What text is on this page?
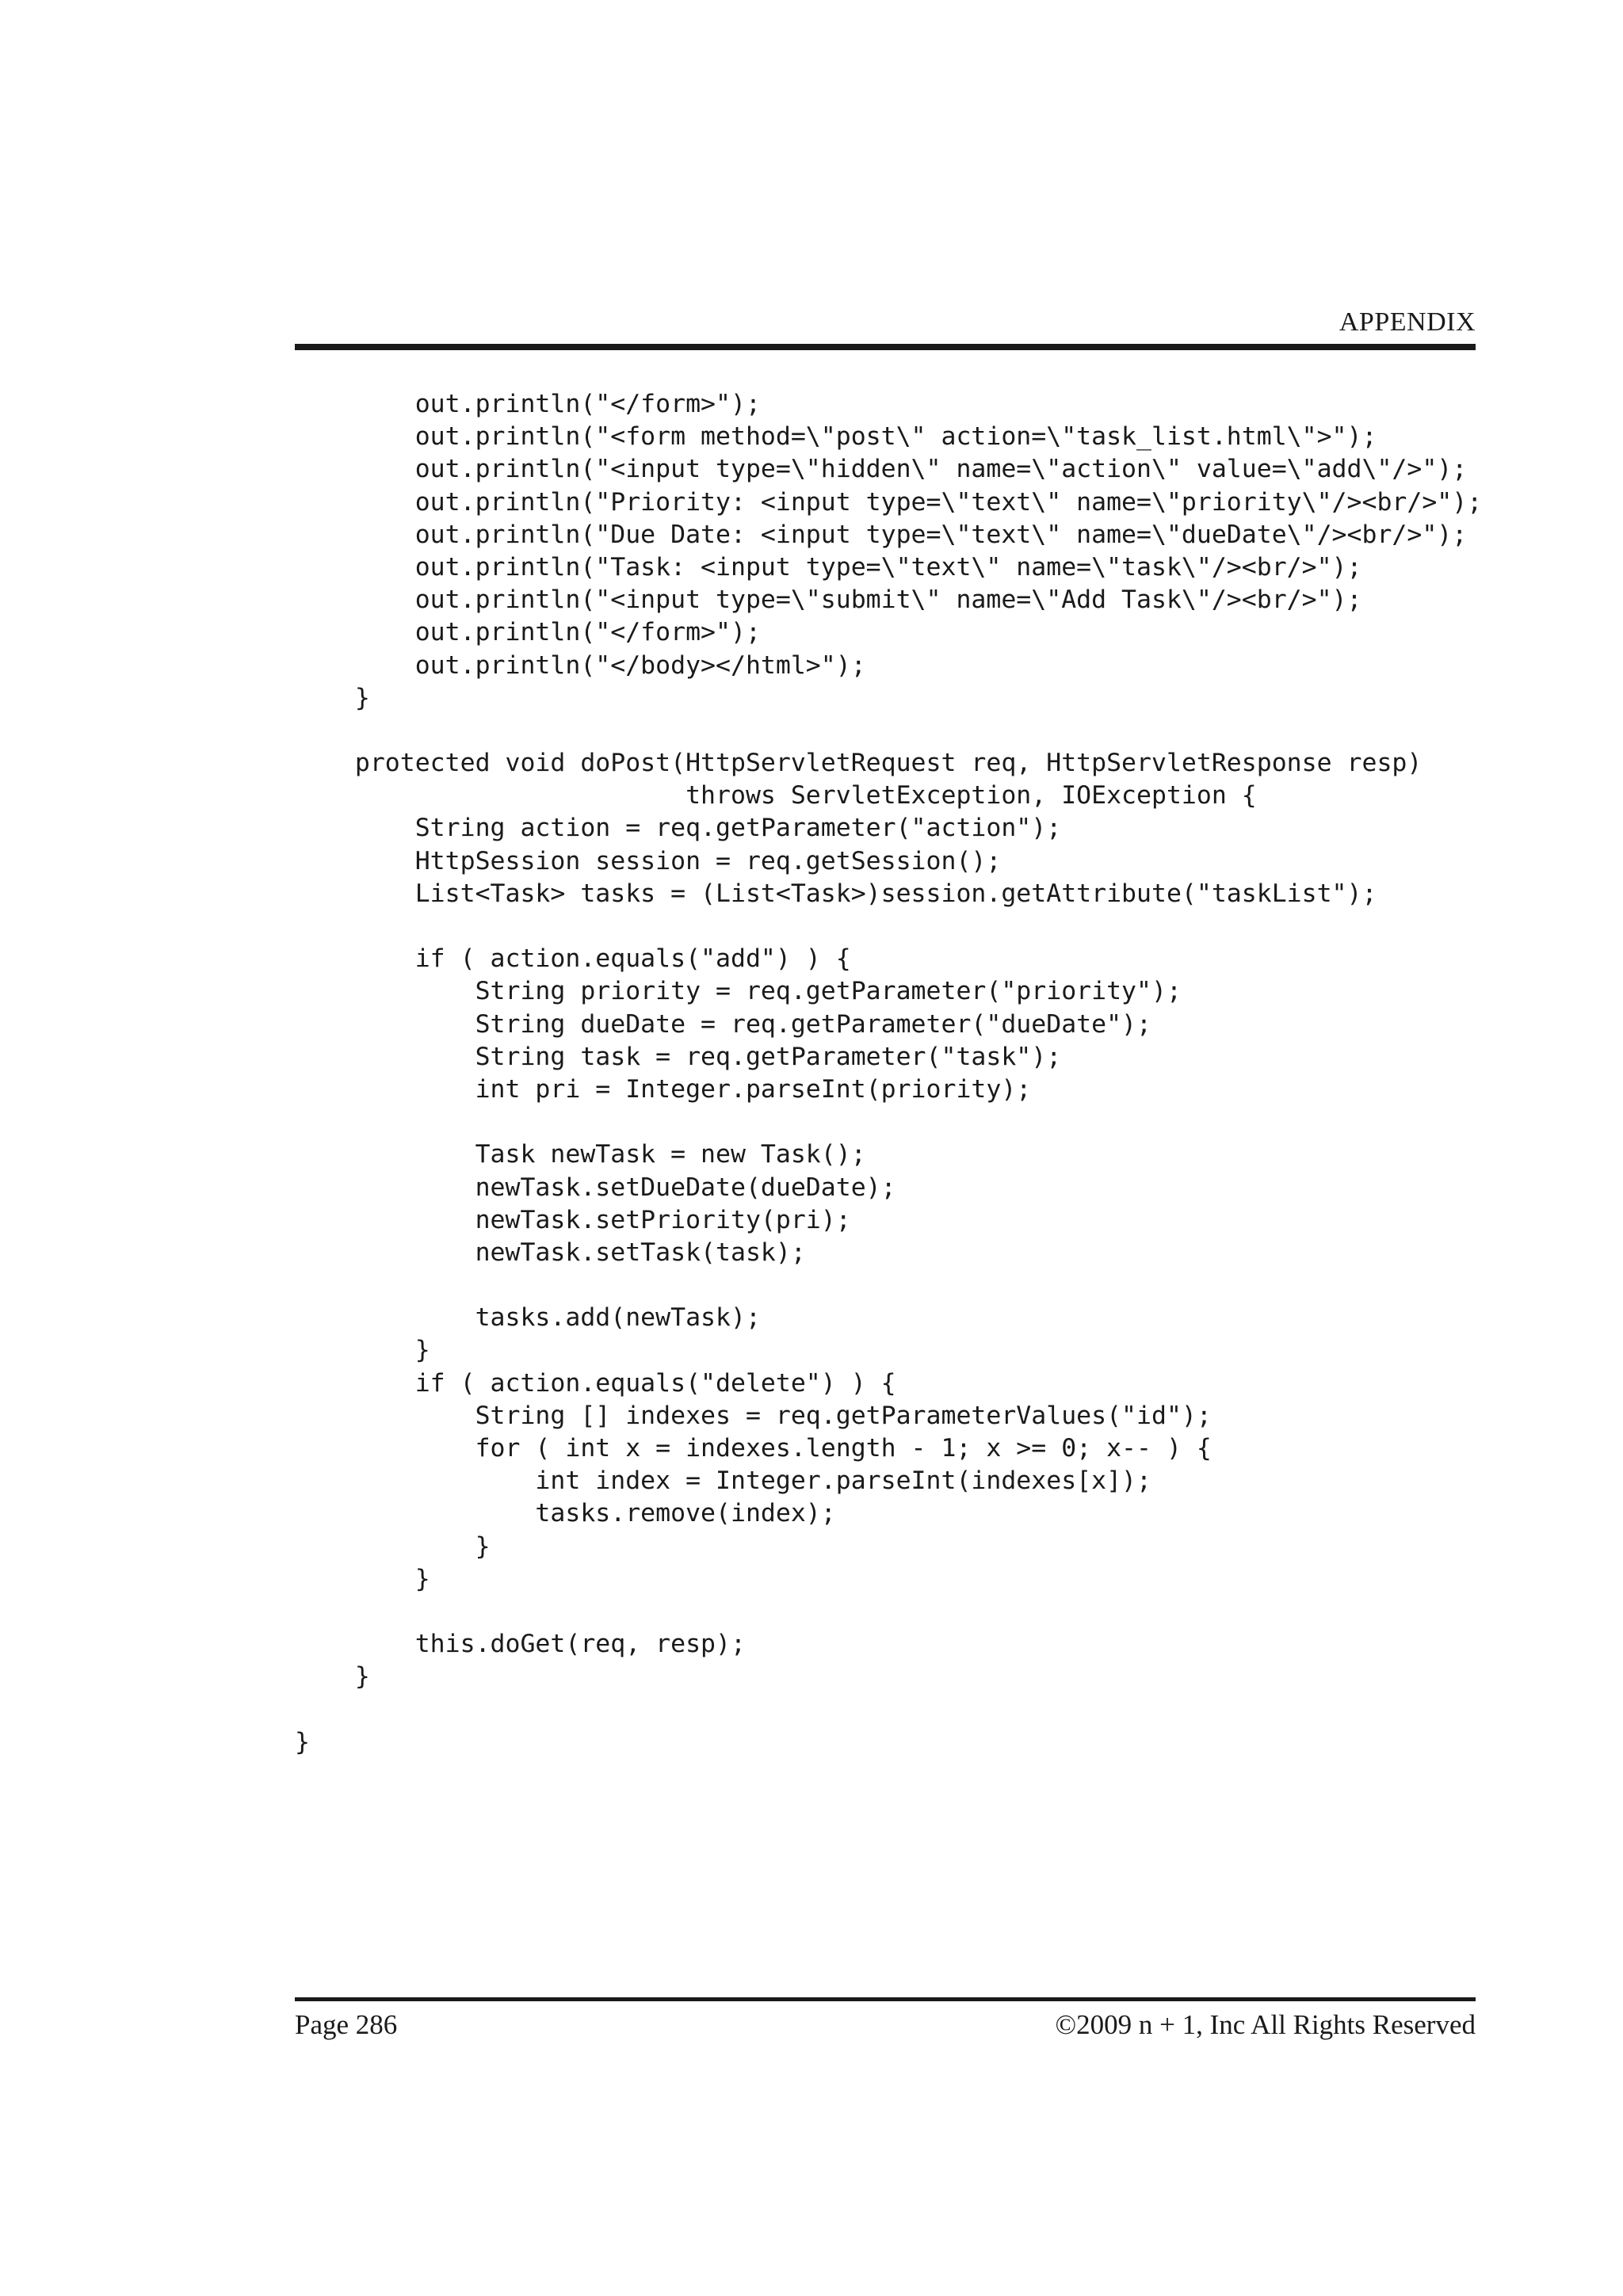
APPENDIX
out.println("</form>");
out.println("<form method=\"post\" action=\"task_list.html\">");
out.println("<input type=\"hidden\" name=\"action\" value=\"add\"/>");
out.println("Priority: <input type=\"text\" name=\"priority\"/><br/>");
out.println("Due Date: <input type=\"text\" name=\"dueDate\"/><br/>");
out.println("Task: <input type=\"text\" name=\"task\"/><br/>");
out.println("<input type=\"submit\" name=\"Add Task\"/><br/>");
out.println("</form>");
out.println("</body></html>");
}
protected void doPost(HttpServletRequest req, HttpServletResponse resp)
throws ServletException, IOException {
String action = req.getParameter("action");
HttpSession session = req.getSession();
List<Task> tasks = (List<Task>)session.getAttribute("taskList");
if ( action.equals("add") ) {
String priority = req.getParameter("priority");
String dueDate = req.getParameter("dueDate");
String task = req.getParameter("task");
int pri = Integer.parseInt(priority);
Task newTask = new Task();
newTask.setDueDate(dueDate);
newTask.setPriority(pri);
newTask.setTask(task);
tasks.add(newTask);
}
if ( action.equals("delete") ) {
String [] indexes = req.getParameterValues("id");
for ( int x = indexes.length - 1; x >= 0; x-- ) {
int index = Integer.parseInt(indexes[x]);
tasks.remove(index);
}
}
this.doGet(req, resp);
}
}
Page 286	©2009 n + 1, Inc All Rights Reserved
